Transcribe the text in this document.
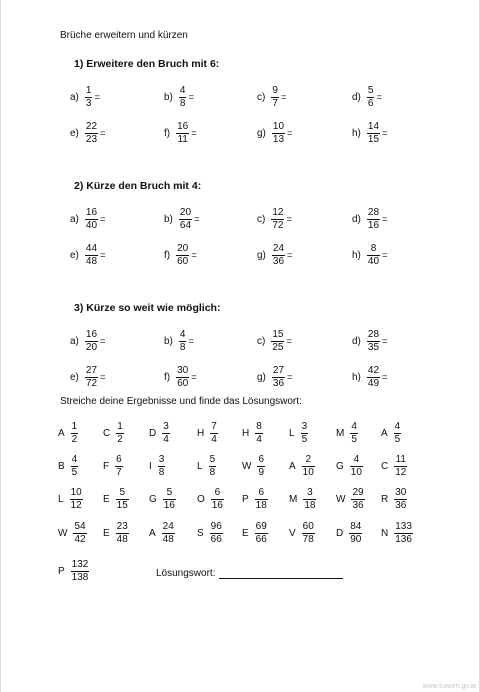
Brüche erweitern und kürzen
1) Erweitere den Bruch mit 6:
$a) \frac{1}{3}$ =	$b) \frac{4}{8}$ =	$c) \frac{9}{7}$ =	$d) \frac{5}{6}$ =
$e) \frac{22}{23}$ =	$f) \frac{16}{11}$ =	$g) \frac{10}{13}$ =	$h) \frac{14}{15}$ =
2) Kürze den Bruch mit 4:
$a) \frac{16}{40}$ =	$b) \frac{20}{64}$ =	$c) \frac{12}{72}$ =	$d) \frac{28}{16}$ =
$e) \frac{44}{48}$ =	$f) \frac{20}{60}$ =	$g) \frac{24}{36}$ =	$h) \frac{8}{40}$ =
3) Kürze so weit wie möglich:
$a) \frac{16}{20}$ =	$b) \frac{4}{8}$ =	$c) \frac{15}{25}$ =	$d) \frac{28}{35}$ =
$e) \frac{27}{72}$ =	$f) \frac{30}{60}$ =	$g) \frac{27}{36}$ =	$h) \frac{42}{49}$ =
Streiche deine Ergebnisse und finde das Lösungswort:
A $\frac{1}{2}$ C $\frac{1}{2}$	D $\frac{3}{4}$	H $\frac{7}{4}$ H $\frac{8}{4}$	L $\frac{3}{5}$	M $\frac{4}{5}$ A $\frac{4}{5}$
B $\frac{4}{5}$ F $\frac{6}{7}$	I $\frac{3}{8}$	L $\frac{5}{8}$	W $\frac{6}{9}$ A $\frac{2}{10}$ G $\frac{4}{10}$ C $\frac{11}{12}$
L $\frac{10}{12}$ E $\frac{5}{15}$ G $\frac{5}{16}$ O $\frac{6}{16}$ P $\frac{6}{18}$ M $\frac{3}{18}$ W $\frac{29}{36}$ R $\frac{30}{36}$
W $\frac{54}{42}$ E $\frac{23}{48}$ A $\frac{24}{48}$ S $\frac{96}{66}$ E $\frac{69}{66}$ V $\frac{60}{78}$ D $\frac{84}{90}$ N $\frac{133}{136}$
P $\frac{132}{138}$	Lösungswort:
www.tuwien.gv.at
